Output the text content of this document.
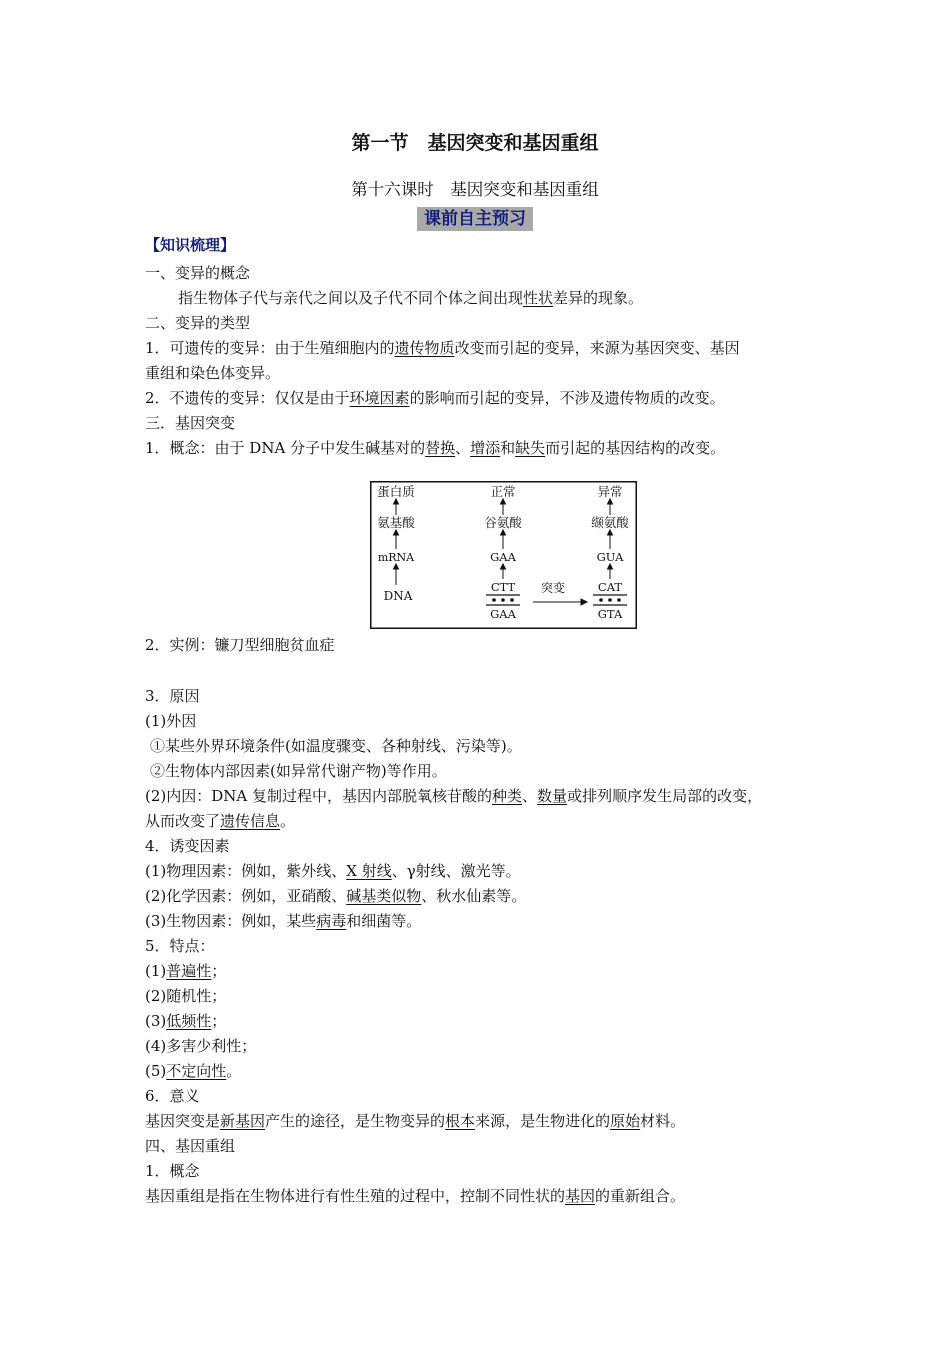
第一节　基因突变和基因重组
第十六课时　基因突变和基因重组
课前自主预习
【知识梳理】
一、变异的概念
指生物体子代与亲代之间以及子代不同个体之间出现性状差异的现象。
二、变异的类型
1．可遗传的变异：由于生殖细胞内的遗传物质改变而引起的变异，来源为基因突变、基因
重组和染色体变异。
2．不遗传的变异：仅仅是由于环境因素的影响而引起的变异，不涉及遗传物质的改变。
三．基因突变
1．概念：由于 DNA 分子中发生碱基对的替换、增添和缺失而引起的基因结构的改变。
蛋白质
氨基酸
mRNA
DNA
正常
谷氨酸
GAA
CTT
GAA
异常
缬氨酸
GUA
CAT
GTA
突变
2．实例：镰刀型细胞贫血症
3．原因
(1)外因
①某些外界环境条件(如温度骤变、各种射线、污染等)。
②生物体内部因素(如异常代谢产物)等作用。
(2)内因：DNA 复制过程中，基因内部脱氧核苷酸的种类、数量或排列顺序发生局部的改变，
从而改变了遗传信息。
4．诱变因素
(1)物理因素：例如，紫外线、X 射线、γ射线、激光等。
(2)化学因素：例如，亚硝酸、碱基类似物、秋水仙素等。
(3)生物因素：例如，某些病毒和细菌等。
5．特点：
(1)普遍性；
(2)随机性；
(3)低频性；
(4)多害少利性；
(5)不定向性。
6．意义
基因突变是新基因产生的途径，是生物变异的根本来源，是生物进化的原始材料。
四、基因重组
1．概念
基因重组是指在生物体进行有性生殖的过程中，控制不同性状的基因的重新组合。
